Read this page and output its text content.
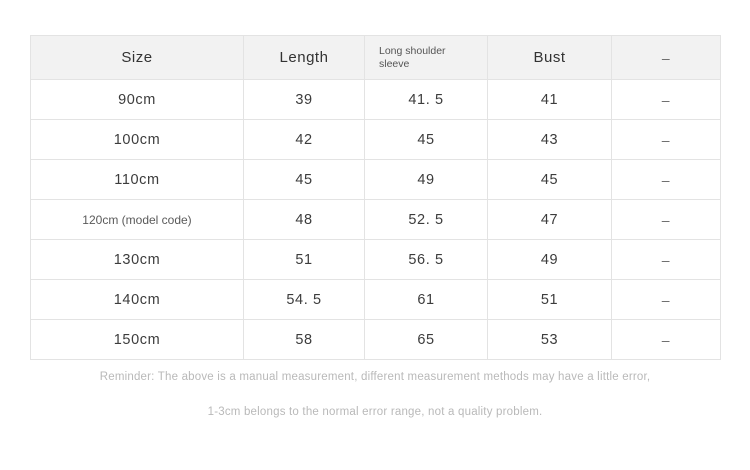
Size	Length	Long shoulder sleeve	Bust	–
90cm	39	41. 5	41	–
100cm	42	45	43	–
110cm	45	49	45	–
120cm (model code)	48	52. 5	47	–
130cm	51	56. 5	49	–
140cm	54. 5	61	51	–
150cm	58	65	53	–
Reminder: The above is a manual measurement, different measurement methods may have a little error,
1-3cm belongs to the normal error range, not a quality problem.
